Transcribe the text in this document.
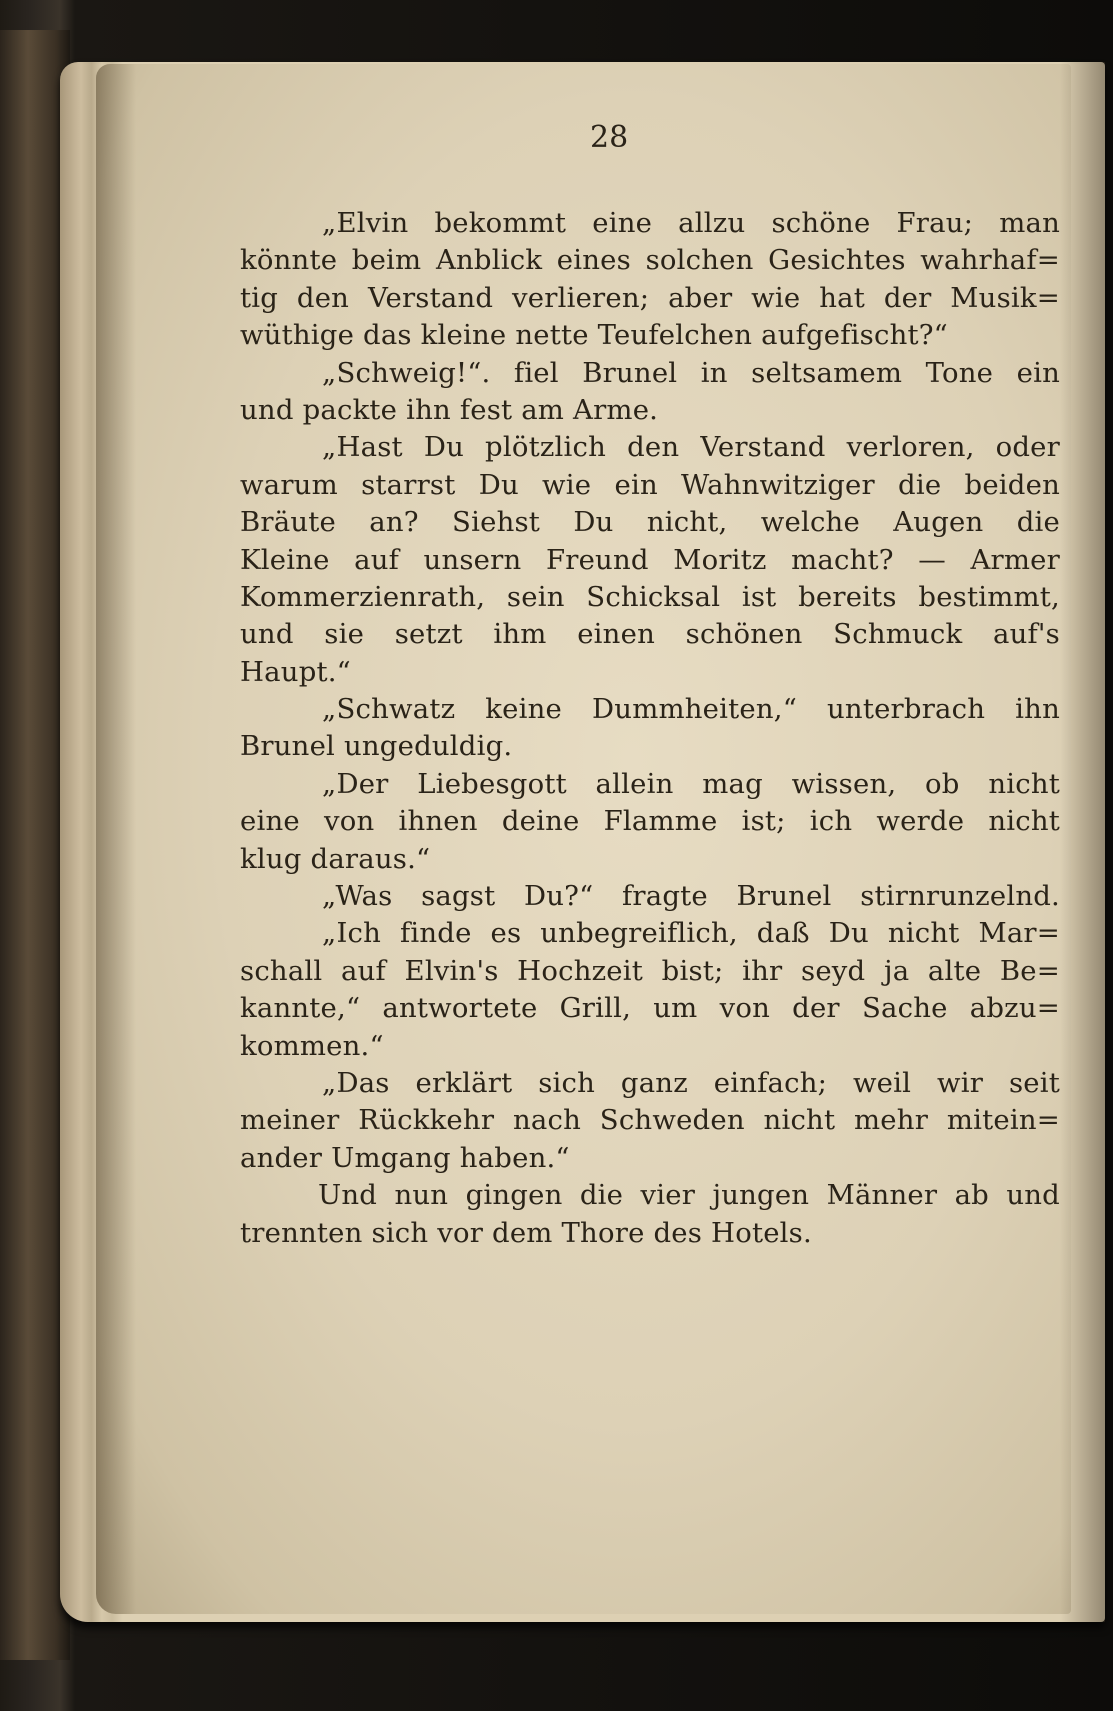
28
„Elvin bekommt eine allzu schöne Frau; man
könnte beim Anblick eines solchen Gesichtes wahrhaf=
tig den Verstand verlieren; aber wie hat der Musik=
wüthige das kleine nette Teufelchen aufgefischt?“
„Schweig!“. fiel Brunel in seltsamem Tone ein
und packte ihn fest am Arme.
„Hast Du plötzlich den Verstand verloren, oder
warum starrst Du wie ein Wahnwitziger die beiden
Bräute an? Siehst Du nicht, welche Augen die
Kleine auf unsern Freund Moritz macht? — Armer
Kommerzienrath, sein Schicksal ist bereits bestimmt,
und sie setzt ihm einen schönen Schmuck auf's
Haupt.“
„Schwatz keine Dummheiten,“ unterbrach ihn
Brunel ungeduldig.
„Der Liebesgott allein mag wissen, ob nicht
eine von ihnen deine Flamme ist; ich werde nicht
klug daraus.“
„Was sagst Du?“ fragte Brunel stirnrunzelnd.
„Ich finde es unbegreiflich, daß Du nicht Mar=
schall auf Elvin's Hochzeit bist; ihr seyd ja alte Be=
kannte,“ antwortete Grill, um von der Sache abzu=
kommen.“
„Das erklärt sich ganz einfach; weil wir seit
meiner Rückkehr nach Schweden nicht mehr mitein=
ander Umgang haben.“
Und nun gingen die vier jungen Männer ab und
trennten sich vor dem Thore des Hotels.
